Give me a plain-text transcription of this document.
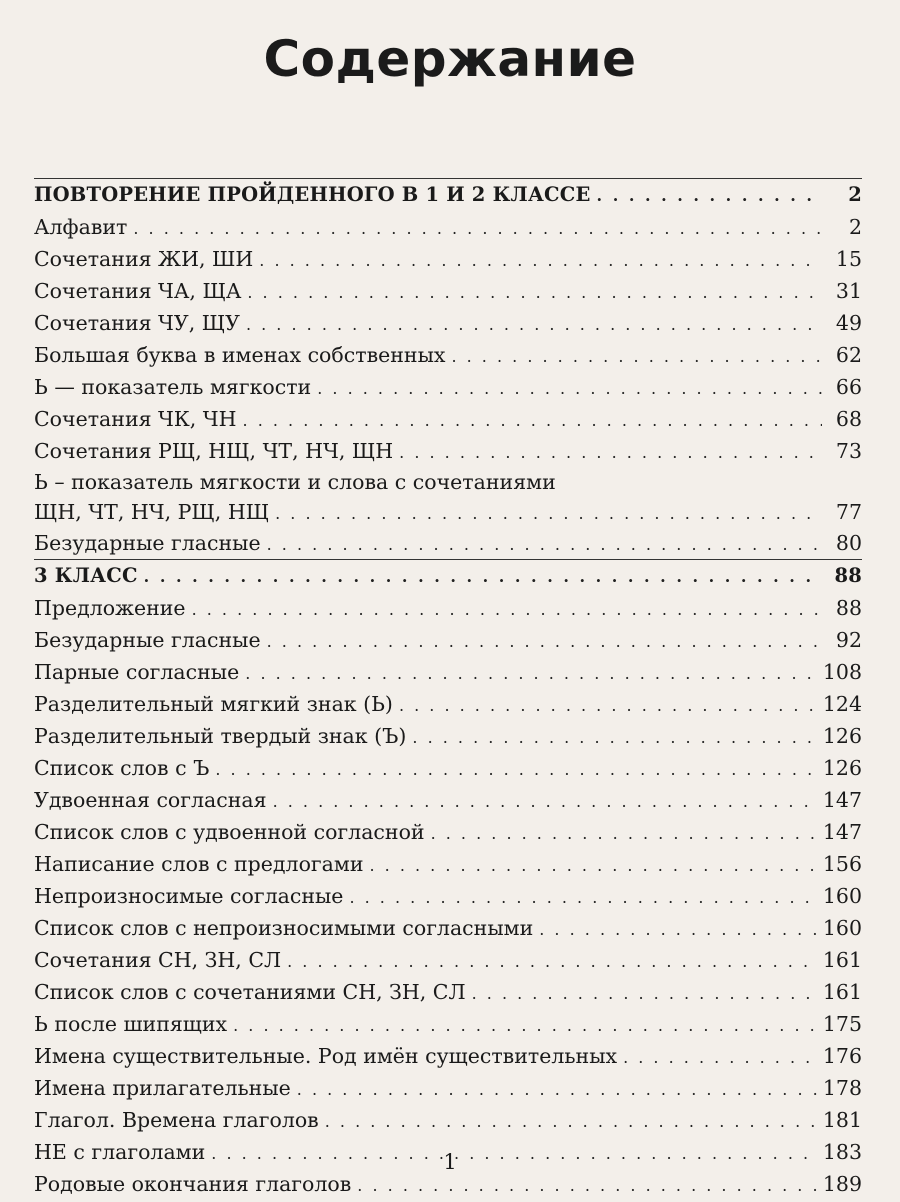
Содержание
ПОВТОРЕНИЕ ПРОЙДЕННОГО В 1 И 2 КЛАССЕ . . .	2
Алфавит . . .	2
Сочетания ЖИ, ШИ . . .	15
Сочетания ЧА, ЩА . . .	31
Сочетания ЧУ, ЩУ . . .	49
Большая буква в именах собственных . . .	62
Ь — показатель мягкости . . .	66
Сочетания ЧК, ЧН . . .	68
Сочетания РЩ, НЩ, ЧТ, НЧ, ЩН . . .	73
Ь – показатель мягкости и слова с сочетаниями
ЩН, ЧТ, НЧ, РЩ, НЩ . . .	77
Безударные гласные . . .	80
3 КЛАСС . . .	88
Предложение . . .	88
Безударные гласные . . .	92
Парные согласные . . .	108
Разделительный мягкий знак (Ь) . . .	124
Разделительный твердый знак (Ъ) . . .	126
Список слов с Ъ . . .	126
Удвоенная согласная . . .	147
Список слов с удвоенной согласной . . .	147
Написание слов с предлогами . . .	156
Непроизносимые согласные . . .	160
Список слов с непроизносимыми согласными . . .	160
Сочетания СН, ЗН, СЛ . . .	161
Список слов с сочетаниями СН, ЗН, СЛ . . .	161
Ь после шипящих . . .	175
Имена существительные. Род имён существительных . . .	176
Имена прилагательные . . .	178
Глагол. Времена глаголов . . .	181
НЕ с глаголами . . .	183
Родовые окончания глаголов . . .	189
1
